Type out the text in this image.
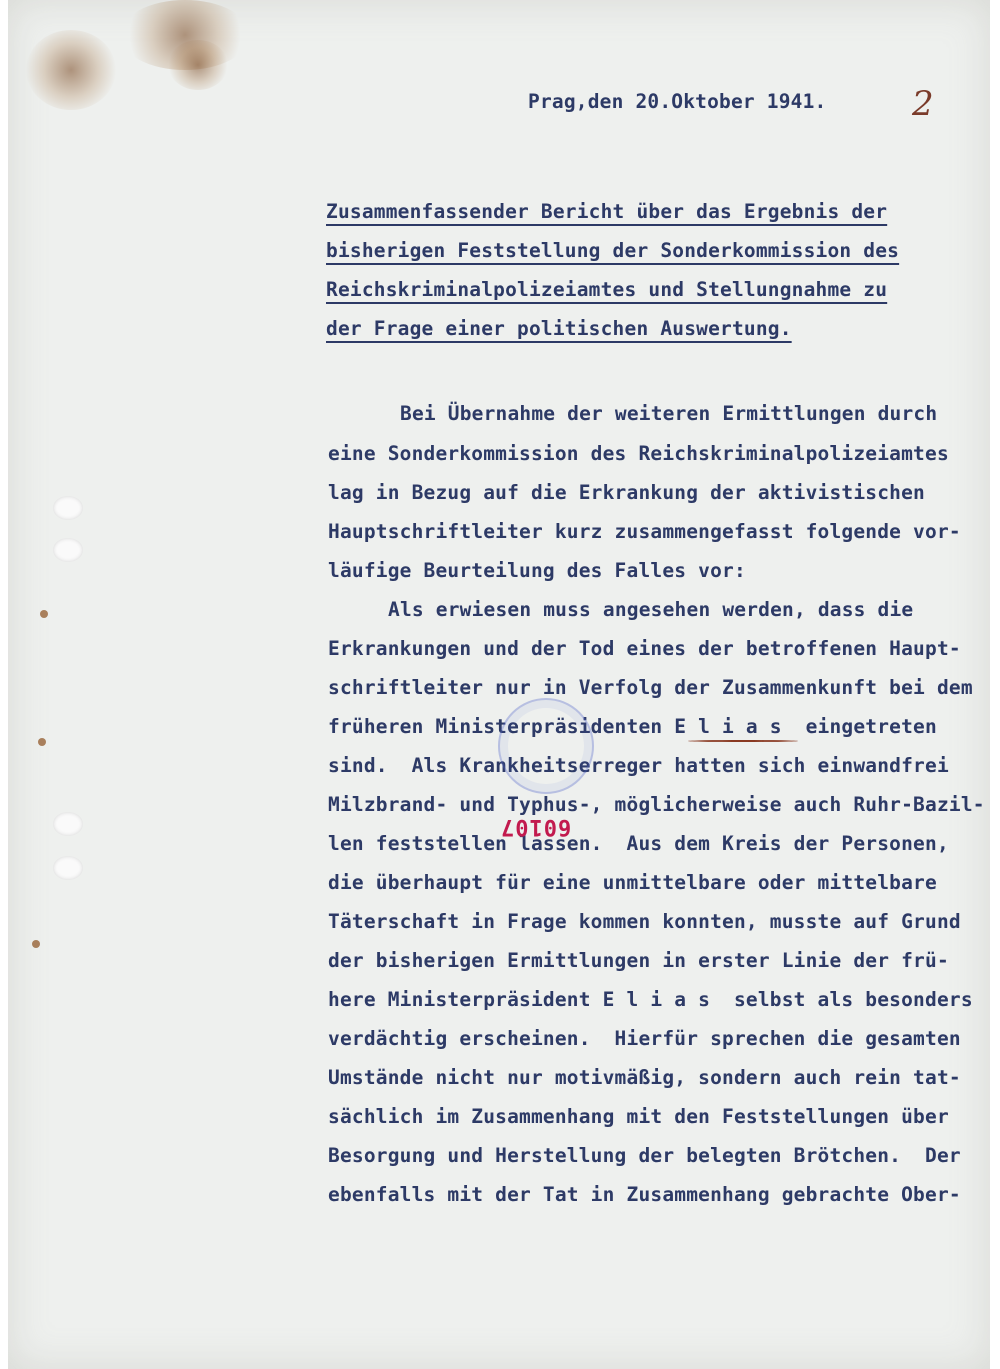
Prag,den 20.Oktober 1941.	2

Zusammenfassender Bericht über das Ergebnis der

bisherigen Feststellung der Sonderkommission des

Reichskriminalpolizeiamtes und Stellungnahme zu

der Frage einer politischen Auswertung.

Bei Übernahme der weiteren Ermittlungen durch

eine Sonderkommission des Reichskriminalpolizeiamtes

lag in Bezug auf die Erkrankung der aktivistischen

Hauptschriftleiter kurz zusammengefasst folgende vor-

läufige Beurteilung des Falles vor:

Als erwiesen muss angesehen werden, dass die

Erkrankungen und der Tod eines der betroffenen Haupt-

schriftleiter nur in Verfolg der Zusammenkunft bei dem

früheren Ministerpräsidenten E l i a s  eingetreten

sind.  Als Krankheitserreger hatten sich einwandfrei

Milzbrand- und Typhus-, möglicherweise auch Ruhr-Bazil-

len feststellen lassen.  Aus dem Kreis der Personen,

die überhaupt für eine unmittelbare oder mittelbare

Täterschaft in Frage kommen konnten, musste auf Grund

der bisherigen Ermittlungen in erster Linie der frü-

here Ministerpräsident E l i a s  selbst als besonders

verdächtig erscheinen.  Hierfür sprechen die gesamten

Umstände nicht nur motivmäßig, sondern auch rein tat-

sächlich im Zusammenhang mit den Feststellungen über

Besorgung und Herstellung der belegten Brötchen.  Der

ebenfalls mit der Tat in Zusammenhang gebrachte Ober-

60107
